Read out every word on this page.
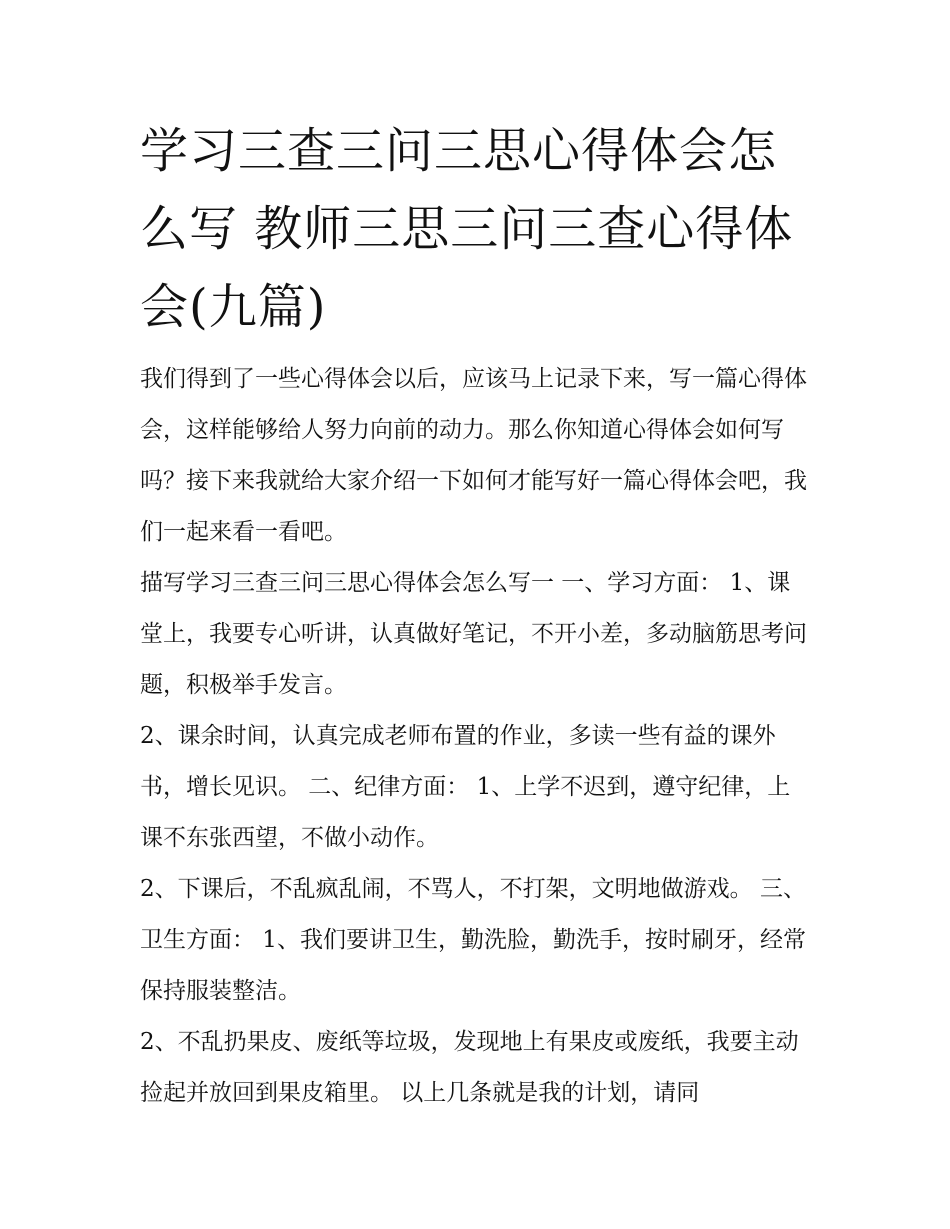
学习三查三问三思心得体会怎么写 教师三思三问三查心得体会(九篇)

我们得到了一些心得体会以后，应该马上记录下来，写一篇心得体会，这样能够给人努力向前的动力。那么你知道心得体会如何写吗？接下来我就给大家介绍一下如何才能写好一篇心得体会吧，我们一起来看一看吧。

描写学习三查三问三思心得体会怎么写一 一、学习方面： 1、课堂上，我要专心听讲，认真做好笔记，不开小差，多动脑筋思考问题，积极举手发言。

2、课余时间，认真完成老师布置的作业，多读一些有益的课外书，增长见识。 二、纪律方面： 1、上学不迟到，遵守纪律，上课不东张西望，不做小动作。

2、下课后，不乱疯乱闹，不骂人，不打架，文明地做游戏。 三、卫生方面： 1、我们要讲卫生，勤洗脸，勤洗手，按时刷牙，经常保持服装整洁。

2、不乱扔果皮、废纸等垃圾，发现地上有果皮或废纸，我要主动捡起并放回到果皮箱里。 以上几条就是我的计划，请同
